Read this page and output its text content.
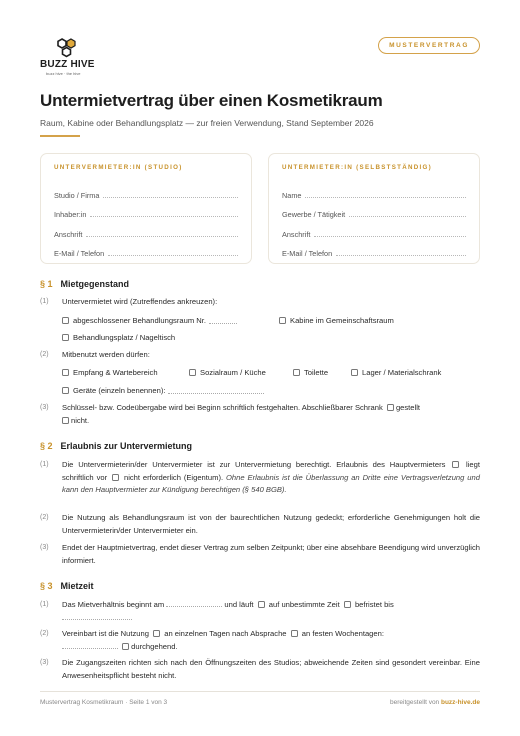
BUZZ HIVE
buzz hive · the hive
MUSTERVERTRAG
Untermietvertrag über einen Kosmetikraum
Raum, Kabine oder Behandlungsplatz — zur freien Verwendung, Stand September 2026
UNTERVERMIETER:IN (STUDIO)
Studio / Firma
Inhaber:in
Anschrift
E-Mail / Telefon
UNTERMIETER:IN (SELBSTSTÄNDIG)
Name
Gewerbe / Tätigkeit
Anschrift
E-Mail / Telefon
§ 1 Mietgegenstand
(1) Untervermietet wird (Zutreffendes ankreuzen):
abgeschlossener Behandlungsraum Nr.	Kabine im Gemeinschaftsraum
Behandlungsplatz / Nageltisch
(2) Mitbenutzt werden dürfen:
Empfang & Wartebereich	Sozialraum / Küche	Toilette	Lager / Materialschrank
Geräte (einzeln benennen):
(3) Schlüssel- bzw. Codeübergabe wird bei Beginn schriftlich festgehalten. Abschließbarer Schrank gestellt
nicht.
§ 2 Erlaubnis zur Untervermietung
(1) Die Untervermieterin/der Untervermieter ist zur Untervermietung berechtigt. Erlaubnis des Hauptvermieters	liegt schriftlich vor nicht erforderlich (Eigentum). Ohne Erlaubnis ist die Überlassung an Dritte eine Vertragsverletzung und kann den Hauptvermieter zur Kündigung berechtigen (§ 540 BGB).
(2) Die Nutzung als Behandlungsraum ist von der baurechtlichen Nutzung gedeckt; erforderliche Genehmigungen holt die Untervermieterin/der Untervermieter ein.
(3) Endet der Hauptmietvertrag, endet dieser Vertrag zum selben Zeitpunkt; über eine absehbare Beendigung wird unverzüglich informiert.
§ 3 Mietzeit
(1) Das Mietverhältnis beginnt am	und läuft auf unbestimmte Zeit befristet bis

(2) Vereinbart ist die Nutzung an einzelnen Tagen nach Absprache an festen Wochentagen:
durchgehend.
(3) Die Zugangszeiten richten sich nach den Öffnungszeiten des Studios; abweichende Zeiten sind gesondert vereinbar. Eine Anwesenheitspflicht besteht nicht.
Mustervertrag Kosmetikraum · Seite 1 von 3	bereitgestellt von buzz-hive.de
